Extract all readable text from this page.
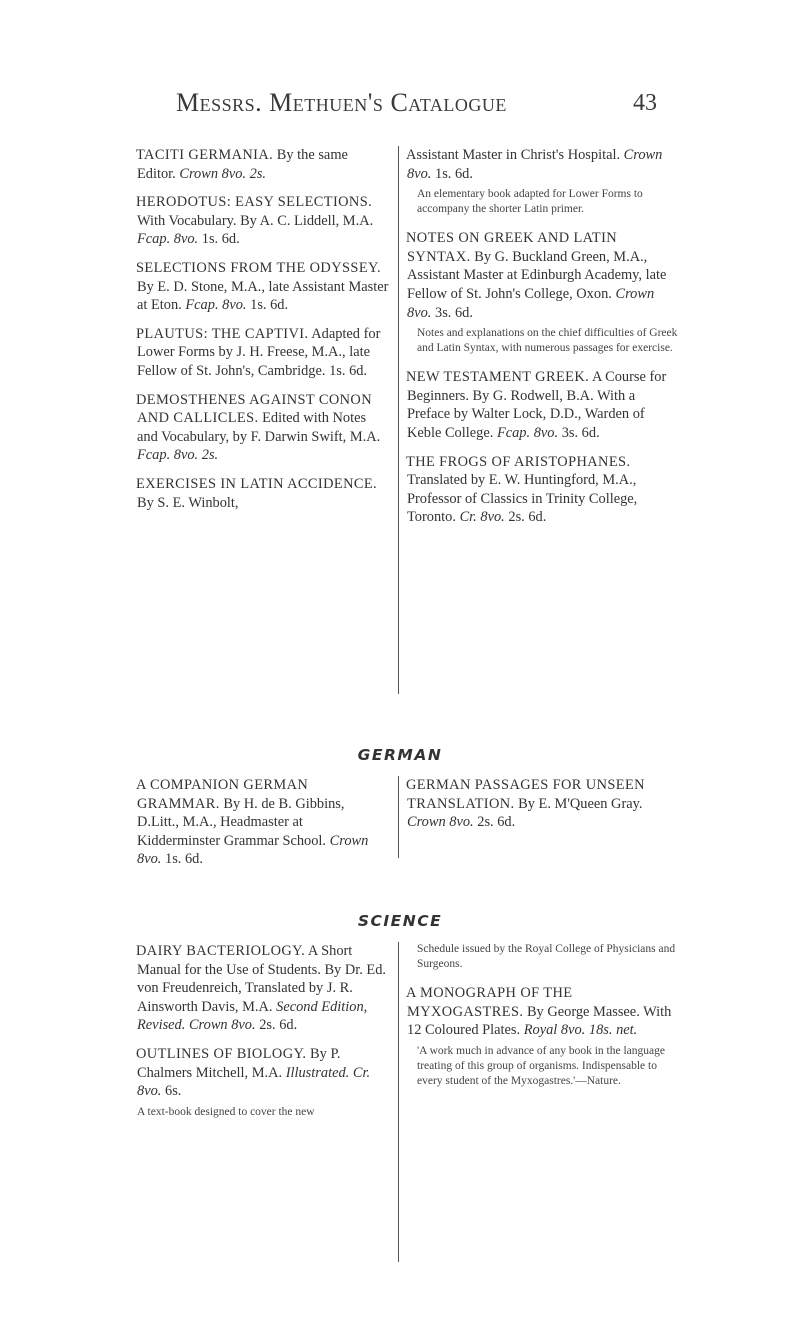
Messrs. Methuen's Catalogue	43

TACITI GERMANIA. By the same Editor. Crown 8vo. 2s.

HERODOTUS: EASY SELECTIONS. With Vocabulary. By A. C. Liddell, M.A. Fcap. 8vo. 1s. 6d.

SELECTIONS FROM THE ODYSSEY. By E. D. Stone, M.A., late Assistant Master at Eton. Fcap. 8vo. 1s. 6d.

PLAUTUS: THE CAPTIVI. Adapted for Lower Forms by J. H. Freese, M.A., late Fellow of St. John's, Cambridge. 1s. 6d.

DEMOSTHENES AGAINST CONON AND CALLICLES. Edited with Notes and Vocabulary, by F. Darwin Swift, M.A. Fcap. 8vo. 2s.

EXERCISES IN LATIN ACCIDENCE. By S. E. Winbolt,

Assistant Master in Christ's Hospital. Crown 8vo. 1s. 6d.

An elementary book adapted for Lower Forms to accompany the shorter Latin primer.

NOTES ON GREEK AND LATIN SYNTAX. By G. Buckland Green, M.A., Assistant Master at Edinburgh Academy, late Fellow of St. John's College, Oxon. Crown 8vo. 3s. 6d.

Notes and explanations on the chief difficulties of Greek and Latin Syntax, with numerous passages for exercise.

NEW TESTAMENT GREEK. A Course for Beginners. By G. Rodwell, B.A. With a Preface by Walter Lock, D.D., Warden of Keble College. Fcap. 8vo. 3s. 6d.

THE FROGS OF ARISTOPHANES. Translated by E. W. Huntingford, M.A., Professor of Classics in Trinity College, Toronto. Cr. 8vo. 2s. 6d.

GERMAN

A COMPANION GERMAN GRAMMAR. By H. de B. Gibbins, D.Litt., M.A., Headmaster at Kidderminster Grammar School. Crown 8vo. 1s. 6d.

GERMAN PASSAGES FOR UNSEEN TRANSLATION. By E. M'Queen Gray. Crown 8vo. 2s. 6d.

SCIENCE

DAIRY BACTERIOLOGY. A Short Manual for the Use of Students. By Dr. Ed. von Freudenreich, Translated by J. R. Ainsworth Davis, M.A. Second Edition, Revised. Crown 8vo. 2s. 6d.

OUTLINES OF BIOLOGY. By P. Chalmers Mitchell, M.A. Illustrated. Cr. 8vo. 6s.

A text-book designed to cover the new

Schedule issued by the Royal College of Physicians and Surgeons.

A MONOGRAPH OF THE MYXOGASTRES. By George Massee. With 12 Coloured Plates. Royal 8vo. 18s. net.

'A work much in advance of any book in the language treating of this group of organisms. Indispensable to every student of the Myxogastres.'—Nature.
